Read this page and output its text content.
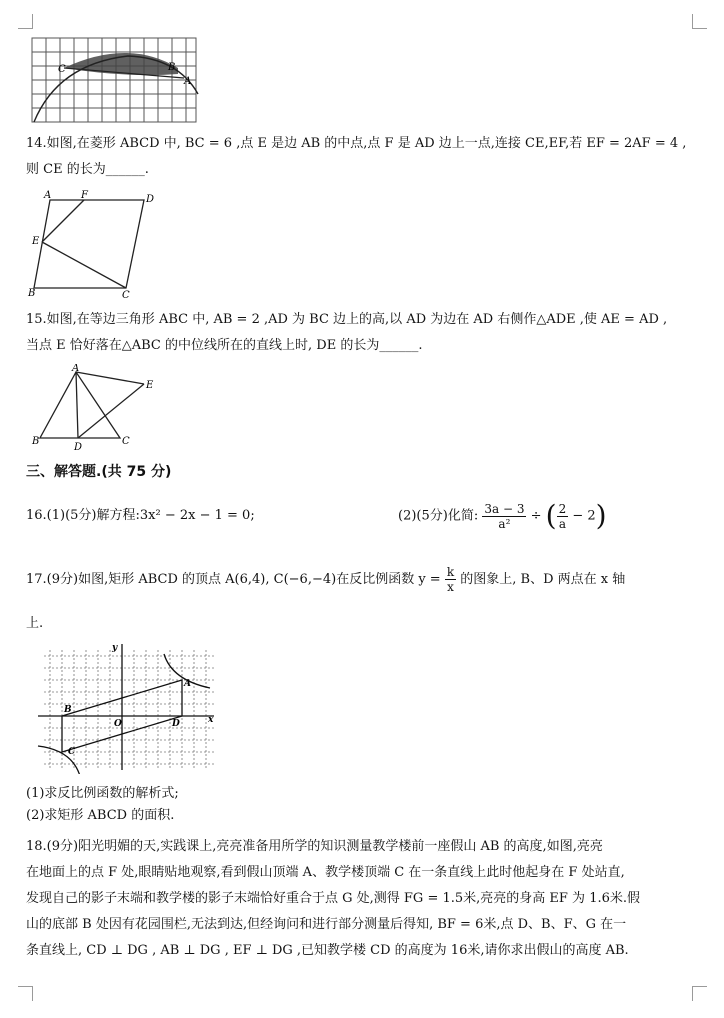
C	B
A
14.如图,在菱形 ABCD 中, BC = 6 ,点 E 是边 AB 的中点,点 F 是 AD 边上一点,连接 CE,EF,若 EF = 2AF = 4 ,
则 CE 的长为______.
A	F	D
E
B	C
15.如图,在等边三角形 ABC 中, AB = 2 ,AD 为 BC 边上的高,以 AD 为边在 AD 右侧作△ADE ,使 AE = AD ,
当点 E 恰好落在△ABC 的中位线所在的直线上时, DE 的长为______.
A
E
B
D
C
三、解答题.(共 75 分)
16.(1)(5分)解方程:3x² − 2x − 1 = 0;	(2)(5分)化简: $\frac{3a - 3}{\text{a²}}$ ÷ ( $\frac{2}{a} - 2$)
17.(9分)如图,矩形 ABCD 的顶点 A(6,4), C(−6,−4)在反比例函数 $y = \frac{k}{x}$ 的图象上, B、D 两点在 x 轴
上.
y
x
O
A
B
C
D
(1)求反比例函数的解析式;
(2)求矩形 ABCD 的面积.
18.(9分)阳光明媚的天,实践课上,亮亮准备用所学的知识测量教学楼前一座假山 AB 的高度,如图,亮亮
在地面上的点 F 处,眼睛贴地观察,看到假山顶端 A、教学楼顶端 C 在一条直线上此时他起身在 F 处站直,
发现自己的影子末端和教学楼的影子末端恰好重合于点 G 处,测得 FG = 1.5米,亮亮的身高 EF 为 1.6米.假
山的底部 B 处因有花园围栏,无法到达,但经询问和进行部分测量后得知, BF = 6米,点 D、B、F、G 在一
条直线上, CD ⊥ DG , AB ⊥ DG , EF ⊥ DG ,已知教学楼 CD 的高度为 16米,请你求出假山的高度 AB.
